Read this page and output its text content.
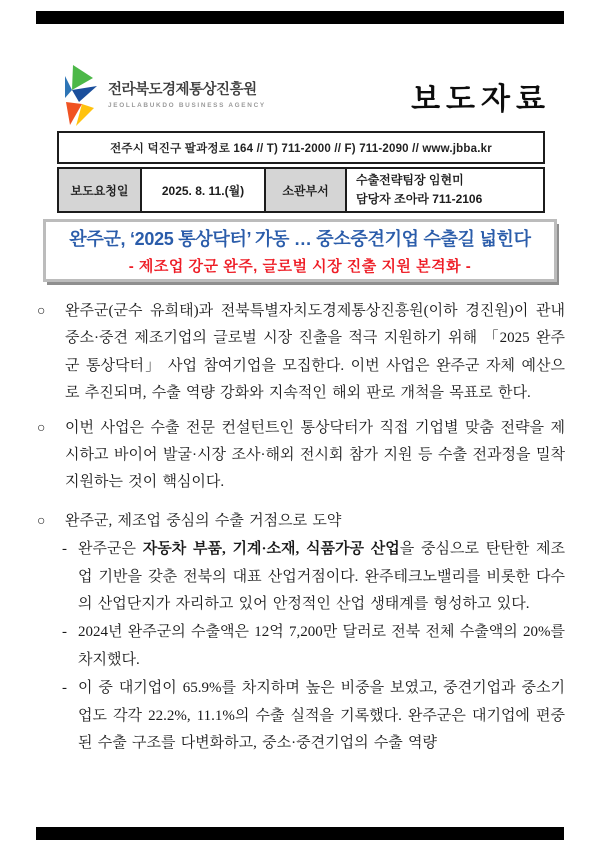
전라북도경제통상진흥원
JEOLLABUKDO BUSINESS AGENCY	보도자료
전주시 덕진구 팔과정로 164 // T) 711-2000 // F) 711-2090 // www.jbba.kr
보도요청일	2025. 8. 11.(월)	소관부서
수출전략팀장 임현미
담당자 조아라 711-2106
완주군, ‘2025 통상닥터’ 가동 … 중소중견기업 수출길 넓힌다
- 제조업 강군 완주, 글로벌 시장 진출 지원 본격화 -
○ 완주군(군수 유희태)과 전북특별자치도경제통상진흥원(이하 경진원)이 관내 중소·중견 제조기업의 글로벌 시장 진출을 적극 지원하기 위해 「2025 완주군 통상닥터」 사업 참여기업을 모집한다. 이번 사업은 완주군 자체 예산으로 추진되며, 수출 역량 강화와 지속적인 해외 판로 개척을 목표로 한다.
○ 이번 사업은 수출 전문 컨설턴트인 통상닥터가 직접 기업별 맞춤 전략을 제시하고 바이어 발굴·시장 조사·해외 전시회 참가 지원 등 수출 전과정을 밀착 지원하는 것이 핵심이다.
○ 완주군, 제조업 중심의 수출 거점으로 도약
- 완주군은 자동차 부품, 기계·소재, 식품가공 산업을 중심으로 탄탄한 제조업 기반을 갖춘 전북의 대표 산업거점이다. 완주테크노밸리를 비롯한 다수의 산업단지가 자리하고 있어 안정적인 산업 생태계를 형성하고 있다.
- 2024년 완주군의 수출액은 12억 7,200만 달러로 전북 전체 수출액의 20%를 차지했다.
- 이 중 대기업이 65.9%를 차지하며 높은 비중을 보였고, 중견기업과 중소기업도 각각 22.2%, 11.1%의 수출 실적을 기록했다. 완주군은 대기업에 편중된 수출 구조를 다변화하고, 중소·중견기업의 수출 역량
